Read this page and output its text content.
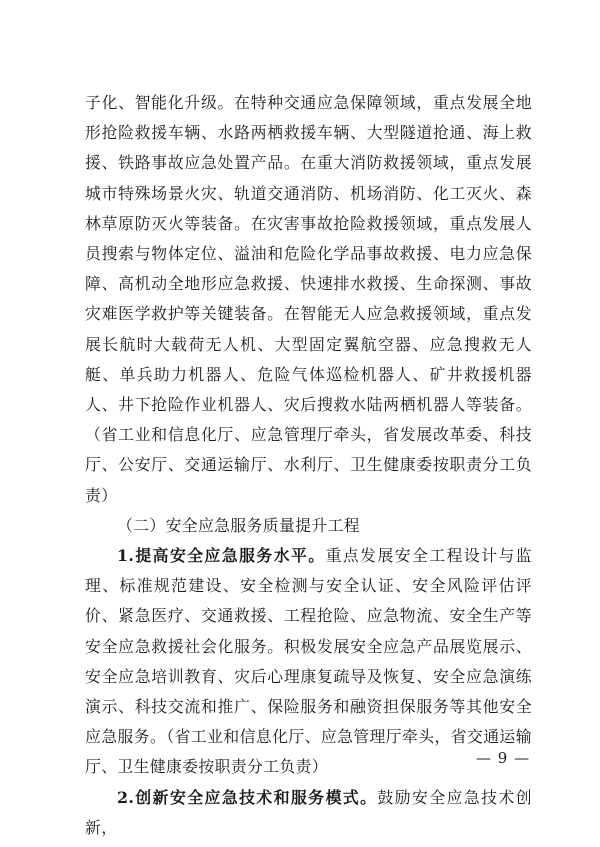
子化、智能化升级。在特种交通应急保障领域，重点发展全地形抢险救援车辆、水路两栖救援车辆、大型隧道抢通、海上救援、铁路事故应急处置产品。在重大消防救援领域，重点发展城市特殊场景火灾、轨道交通消防、机场消防、化工灭火、森林草原防灭火等装备。在灾害事故抢险救援领域，重点发展人员搜索与物体定位、溢油和危险化学品事故救援、电力应急保障、高机动全地形应急救援、快速排水救援、生命探测、事故灾难医学救护等关键装备。在智能无人应急救援领域，重点发展长航时大载荷无人机、大型固定翼航空器、应急搜救无人艇、单兵助力机器人、危险气体巡检机器人、矿井救援机器人、井下抢险作业机器人、灾后搜救水陆两栖机器人等装备。（省工业和信息化厅、应急管理厅牵头，省发展改革委、科技厅、公安厅、交通运输厅、水利厅、卫生健康委按职责分工负责）

（二）安全应急服务质量提升工程

1.提高安全应急服务水平。重点发展安全工程设计与监理、标准规范建设、安全检测与安全认证、安全风险评估评价、紧急医疗、交通救援、工程抢险、应急物流、安全生产等安全应急救援社会化服务。积极发展安全应急产品展览展示、安全应急培训教育、灾后心理康复疏导及恢复、安全应急演练演示、科技交流和推广、保险服务和融资担保服务等其他安全应急服务。（省工业和信息化厅、应急管理厅牵头，省交通运输厅、卫生健康委按职责分工负责）

2.创新安全应急技术和服务模式。鼓励安全应急技术创新，

— 9 —
